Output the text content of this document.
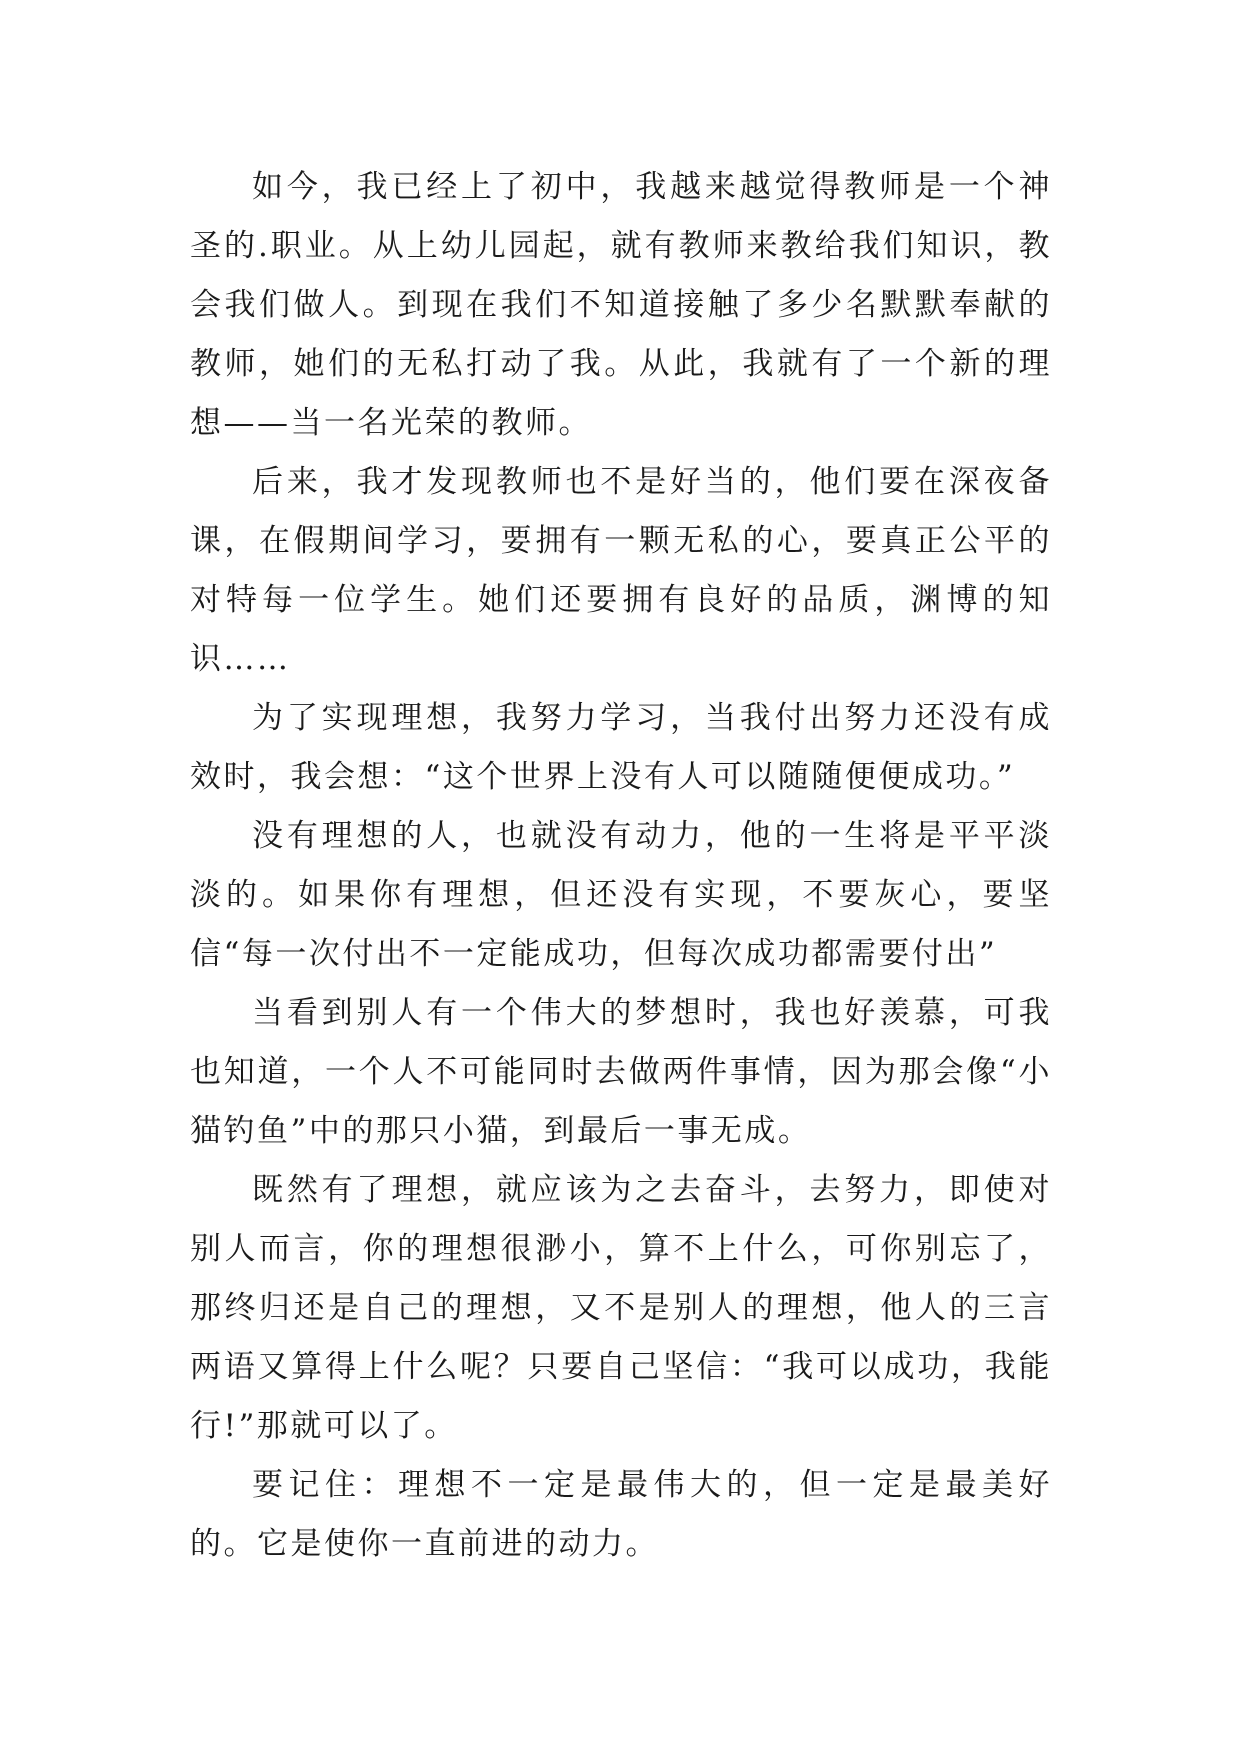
如今，我已经上了初中，我越来越觉得教师是一个神圣的.职业。从上幼儿园起，就有教师来教给我们知识，教会我们做人。到现在我们不知道接触了多少名默默奉献的教师，她们的无私打动了我。从此，我就有了一个新的理想——当一名光荣的教师。

后来，我才发现教师也不是好当的，他们要在深夜备课，在假期间学习，要拥有一颗无私的心，要真正公平的对特每一位学生。她们还要拥有良好的品质，渊博的知识……

为了实现理想，我努力学习，当我付出努力还没有成效时，我会想：“这个世界上没有人可以随随便便成功。”

没有理想的人，也就没有动力，他的一生将是平平淡淡的。如果你有理想，但还没有实现，不要灰心，要坚信“每一次付出不一定能成功，但每次成功都需要付出”

当看到别人有一个伟大的梦想时，我也好羡慕，可我也知道，一个人不可能同时去做两件事情，因为那会像“小猫钓鱼”中的那只小猫，到最后一事无成。

既然有了理想，就应该为之去奋斗，去努力，即使对别人而言，你的理想很渺小，算不上什么，可你别忘了，那终归还是自己的理想，又不是别人的理想，他人的三言两语又算得上什么呢？只要自己坚信：“我可以成功，我能行!”那就可以了。

要记住：理想不一定是最伟大的，但一定是最美好的。它是使你一直前进的动力。
